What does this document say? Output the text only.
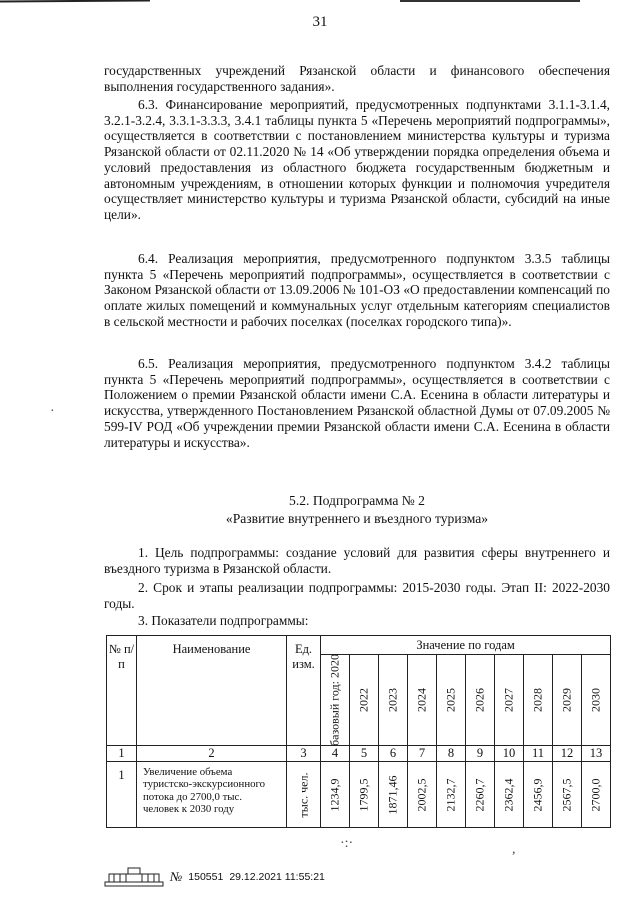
31

государственных учреждений Рязанской области и финансового обеспечения выполнения государственного задания».

6.3. Финансирование мероприятий, предусмотренных подпунктами 3.1.1-3.1.4, 3.2.1-3.2.4, 3.3.1-3.3.3, 3.4.1 таблицы пункта 5 «Перечень мероприятий подпрограммы», осуществляется в соответствии с постановлением министерства культуры и туризма Рязанской области от 02.11.2020 № 14 «Об утверждении порядка определения объема и условий предоставления из областного бюджета государственным бюджетным и автономным учреждениям, в отношении которых функции и полномочия учредителя осуществляет министерство культуры и туризма Рязанской области, субсидий на иные цели».

6.4. Реализация мероприятия, предусмотренного подпунктом 3.3.5 таблицы пункта 5 «Перечень мероприятий подпрограммы», осуществляется в соответствии с Законом Рязанской области от 13.09.2006 № 101-ОЗ «О предоставлении компенсаций по оплате жилых помещений и коммунальных услуг отдельным категориям специалистов в сельской местности и рабочих поселках (поселках городского типа)».

6.5. Реализация мероприятия, предусмотренного подпунктом 3.4.2 таблицы пункта 5 «Перечень мероприятий подпрограммы», осуществляется в соответствии с Положением о премии Рязанской области имени С.А. Есенина в области литературы и искусства, утвержденного Постановлением Рязанской областной Думы от 07.09.2005 № 599-IV РОД «Об учреждении премии Рязанской области имени С.А. Есенина в области литературы и искусства».

5.2. Подпрограмма № 2
«Развитие внутреннего и въездного туризма»

1. Цель подпрограммы: создание условий для развития сферы внутреннего и въездного туризма в Рязанской области.

2. Срок и этапы реализации подпрограммы: 2015-2030 годы. Этап II: 2022-2030 годы.

3. Показатели подпрограммы:

№ п/п	Наименование	Ед. изм.	Значение по годам									

			базовый год: 2020	2022	2023	2024	2025	2026	2027	2028	2029	2030

1	2	3	4	5	6	7	8	9	10	11	12	13
1	Увеличение объема туристско-экскурсионного потока до 2700,0 тыс. человек к 2030 году	тыс. чел.	1234,9	1799,5	1871,46	2002,5	2132,7	2260,7	2362,4	2456,9	2567,5	2700,0
·:·	,
·
№ 150551 29.12.2021 11:55:21
